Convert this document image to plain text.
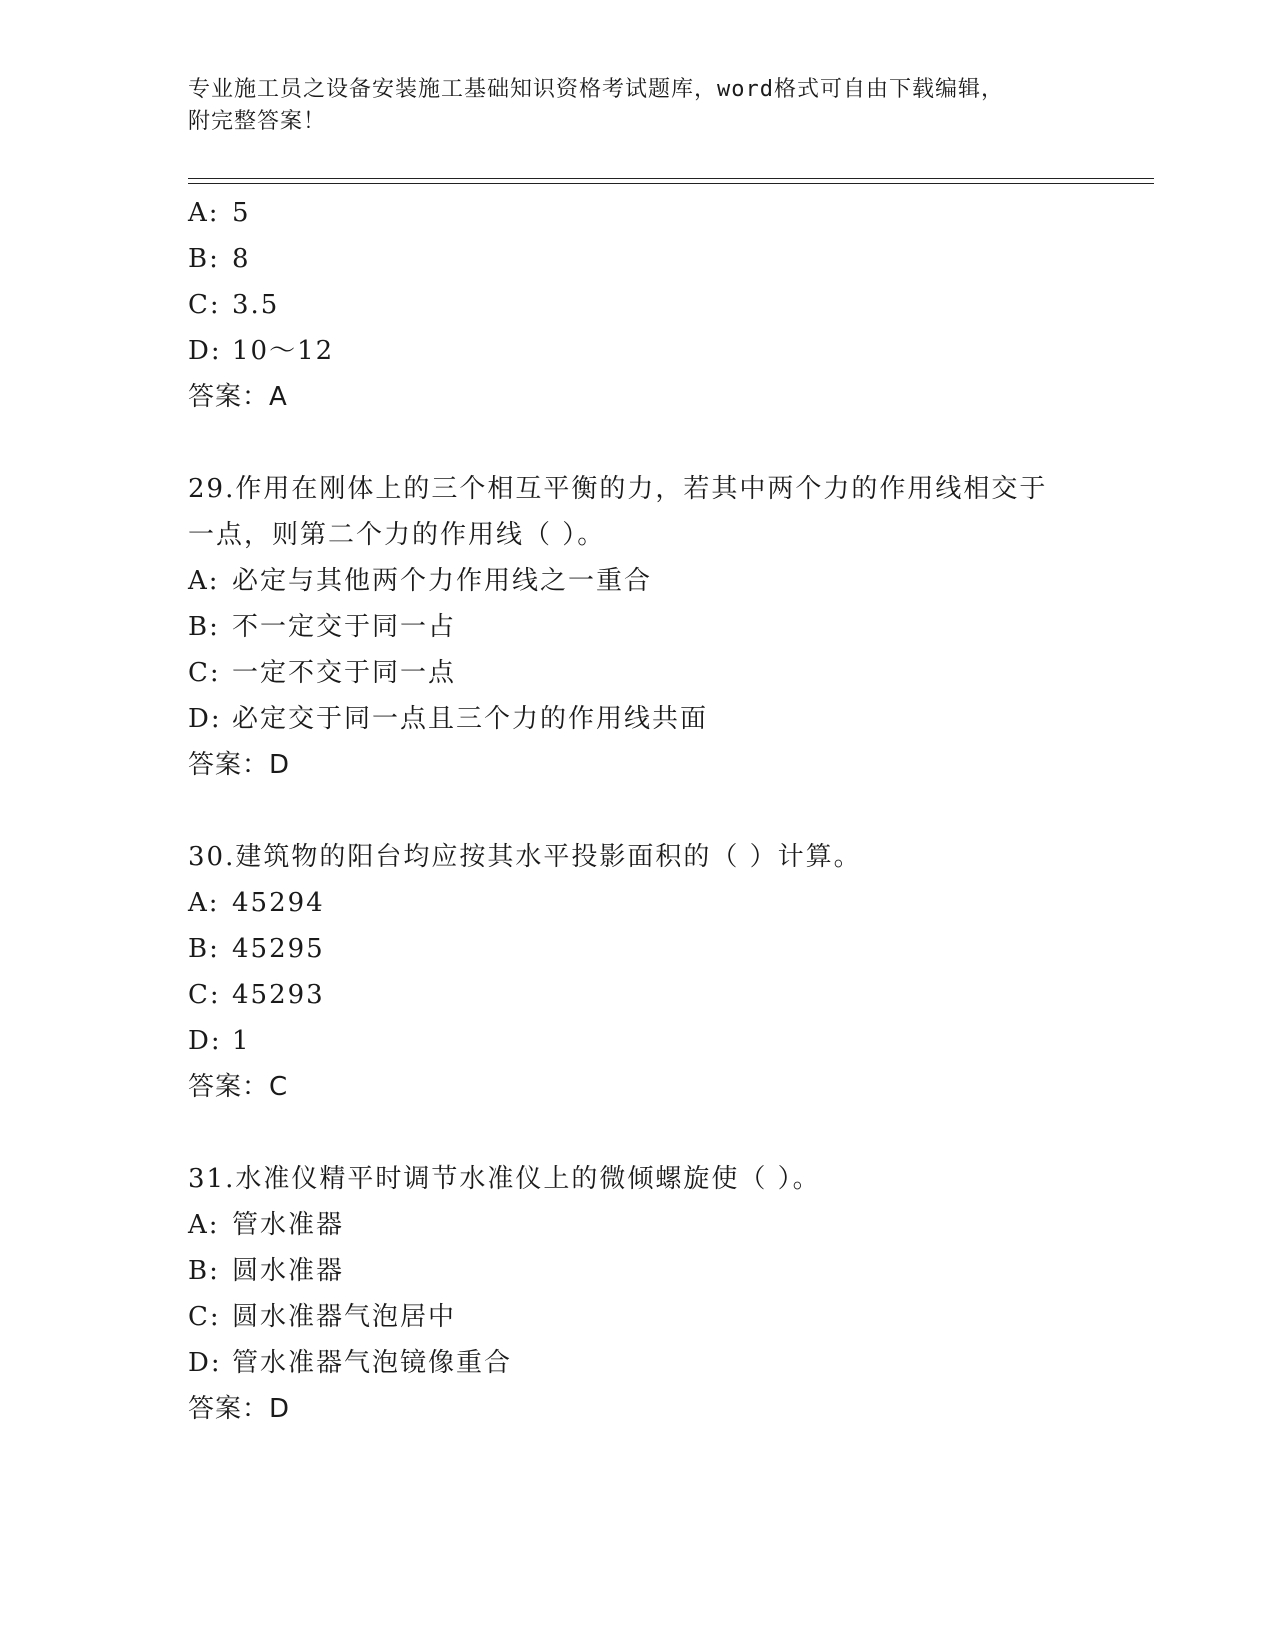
专业施工员之设备安装施工基础知识资格考试题库，word格式可自由下载编辑，
附完整答案！
A: 5
B: 8
C: 3.5
D: 10～12
答案：A
29.作用在刚体上的三个相互平衡的力，若其中两个力的作用线相交于
一点，则第二个力的作用线（ ）。
A: 必定与其他两个力作用线之一重合
B: 不一定交于同一占
C: 一定不交于同一点
D: 必定交于同一点且三个力的作用线共面
答案：D
30.建筑物的阳台均应按其水平投影面积的（ ）计算。
A: 45294
B: 45295
C: 45293
D: 1
答案：C
31.水准仪精平时调节水准仪上的微倾螺旋使（ ）。
A: 管水准器
B: 圆水准器
C: 圆水准器气泡居中
D: 管水准器气泡镜像重合
答案：D
